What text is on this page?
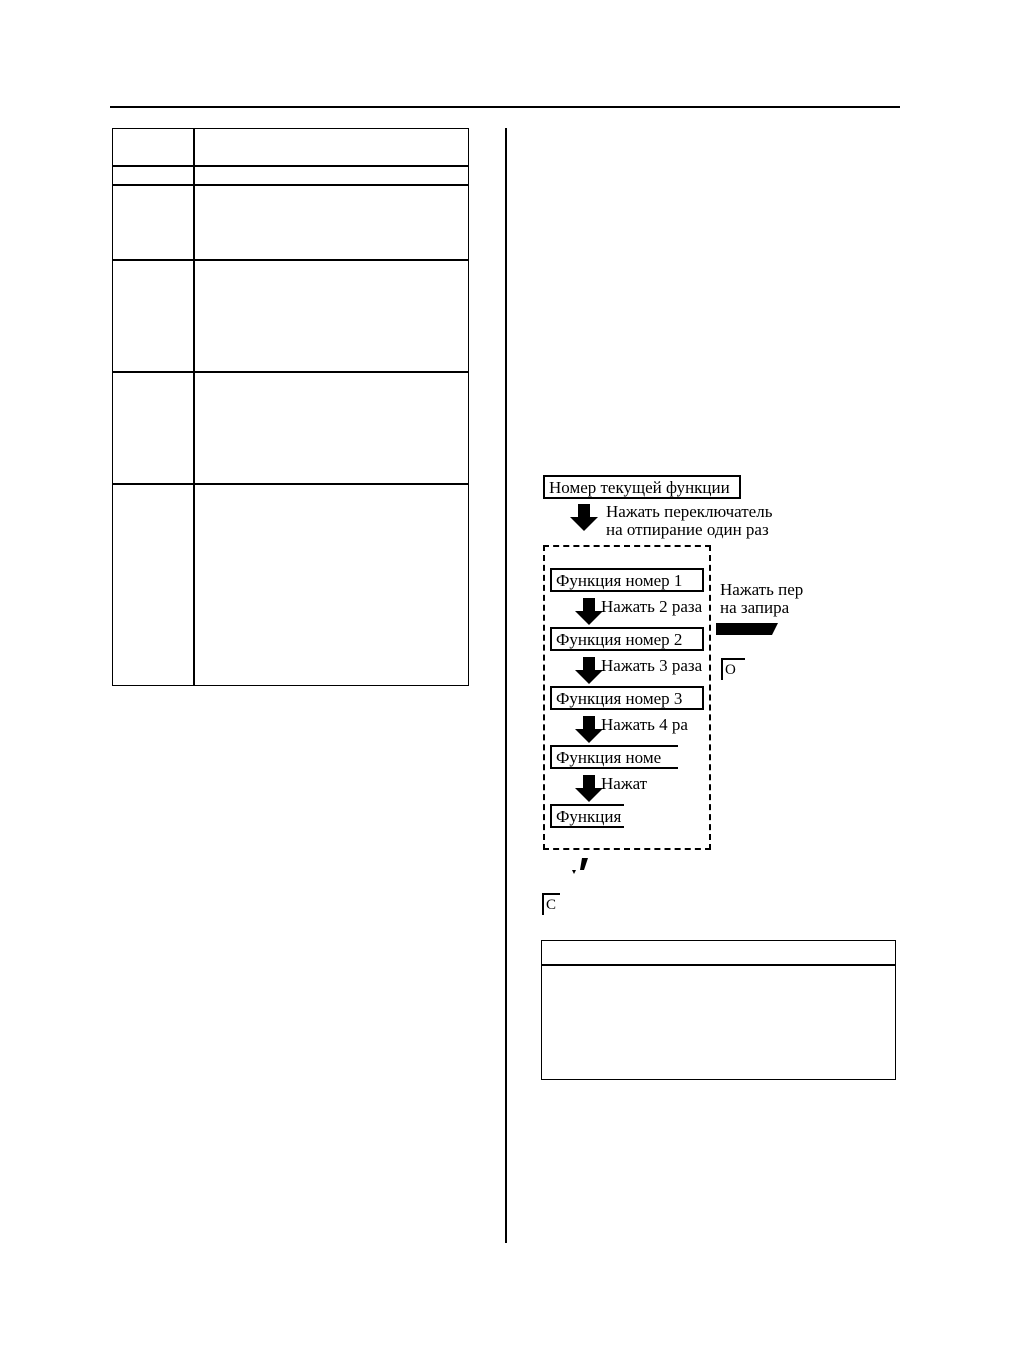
Номер текущей функции
Нажать переключатель
на отпирание один раз
Функция номер 1
Нажать 2 раза
Функция номер 2
Нажать 3 раза
Функция номер 3
Нажать 4 ра
Функция номе
Нажат
Функция
Нажать пер
на запира
О
С
